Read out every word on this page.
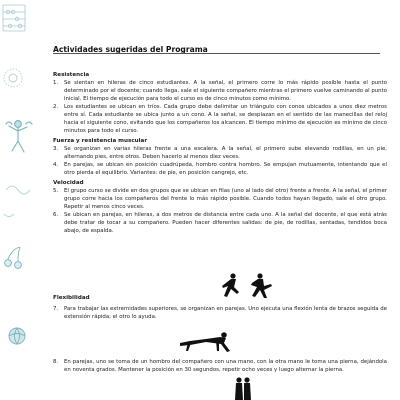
Actividades sugeridas del Programa

Resistencia

1.	Se sientan en hileras de cinco estudiantes. A la señal, el primero corre lo más rápido posible hasta el punto determinado por el docente; cuando llega, sale el siguiente compañero mientras el primero vuelve caminando al punto inicial. El tiempo de ejecución para todo el curso es de cinco minutos como mínimo.
2.	Los estudiantes se ubican en tríos. Cada grupo debe delimitar un triángulo con conos ubicados a unos diez metros entre sí. Cada estudiante se ubica junto a un cono. A la señal, se desplazan en el sentido de las manecillas del reloj hacia el siguiente cono, evitando que los compañeros los alcancen. El tiempo mínimo de ejecución es mínimo de cinco minutos para todo el curso.

Fuerza y resistencia muscular

3.	Se organizan en varias hileras frente a una escalera. A la señal, el primero sube elevando rodillas, en un pie, alternando pies, entre otros. Deben hacerlo al menos diez veces.
4.	En parejas, se ubican en posición cuadrúpeda, hombro contra hombro. Se empujan mutuamente, intentando que el otro pierda el equilibrio. Variantes: de pie, en posición cangrejo, etc.

Velocidad

5.	El grupo curso se divide en dos grupos que se ubican en filas (uno al lado del otro) frente a frente. A la señal, el primer grupo corre hacia los compañeros del frente lo más rápido posible. Cuando todos hayan llegado, sale el otro grupo. Repetir al menos cinco veces.
6.	Se ubican en parejas, en hileras, a dos metros de distancia entre cada uno. A la señal del docente, el que está atrás debe tratar de tocar a su compañero. Pueden hacer diferentes salidas: de pie, de rodillas, sentadas, tendidos boca abajo, de espalda.

Flexibilidad

7.	Para trabajar las extremidades superiores, se organizan en parejas. Uno ejecuta una flexión lenta de brazos seguida de extensión rápida; el otro lo ayuda.
8.	En parejas, uno se toma de un hombro del compañero con una mano, con la otra mano le toma una pierna, dejándola en noventa grados. Mantener la posición en 30 segundos, repetir ocho veces y luego alternar la pierna.
